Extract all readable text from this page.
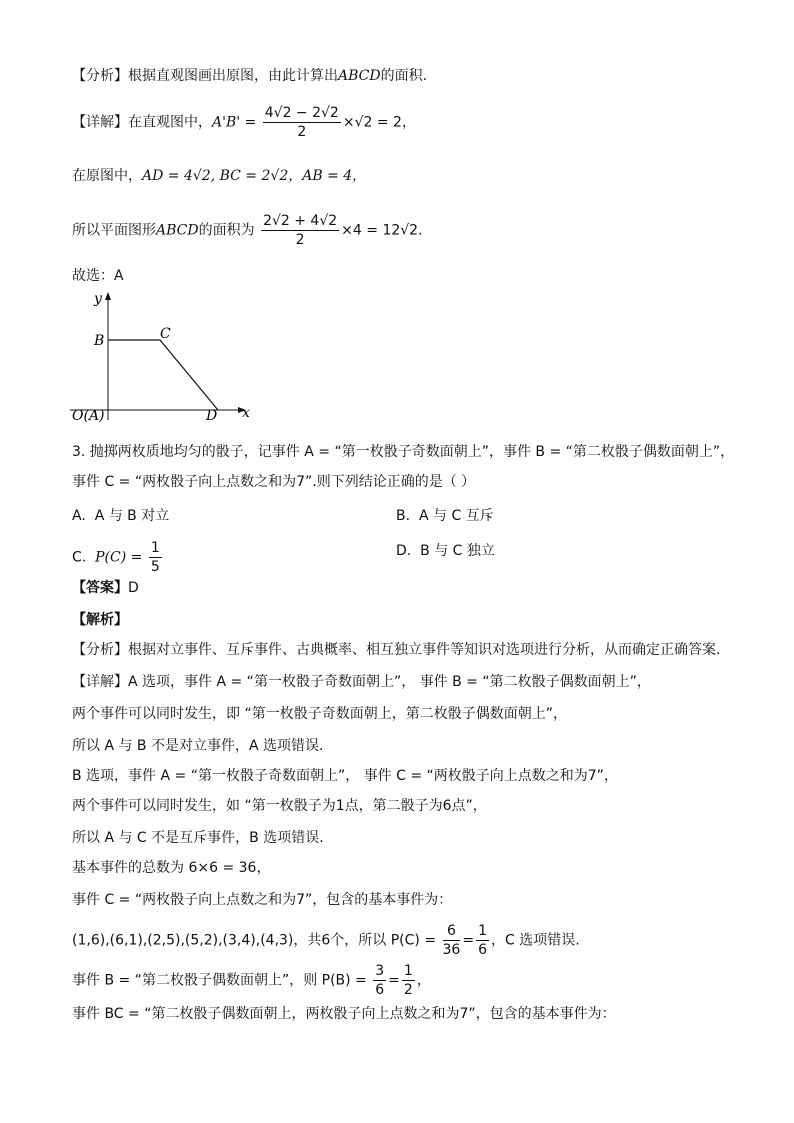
【分析】根据直观图画出原图，由此计算出ABCD的面积.
【详解】在直观图中，$A'B' = \frac{4√2 - 2√2}{2} \times√2 = 2$，
在原图中，AD = 4√2, BC = 2√2，AB = 4，
所以平面图形ABCD的面积为 $\frac{2√2 + 4√2}{2} \times 4 = 12√2$.
故选：A
y
x
B	C
O(A)	D
3. 抛掷两枚质地均匀的骰子，记事件 A = “第一枚骰子奇数面朝上”，事件 B = “第二枚骰子偶数面朝上”，
事件 C = “两枚骰子向上点数之和为7”.则下列结论正确的是（ ）
A. A 与 B 对立	B. A 与 C 互斥
C. $P(C) = \frac{1}{5}$	D. B 与 C 独立
【答案】D
【解析】
【分析】根据对立事件、互斥事件、古典概率、相互独立事件等知识对选项进行分析，从而确定正确答案.
【详解】A 选项，事件 A = “第一枚骰子奇数面朝上”， 事件 B = “第二枚骰子偶数面朝上”，
两个事件可以同时发生，即 “第一枚骰子奇数面朝上，第二枚骰子偶数面朝上”，
所以 A 与 B 不是对立事件，A 选项错误.
B 选项，事件 A = “第一枚骰子奇数面朝上”， 事件 C = “两枚骰子向上点数之和为7”，
两个事件可以同时发生，如 “第一枚骰子为1点，第二骰子为6点”，
所以 A 与 C 不是互斥事件，B 选项错误.
基本事件的总数为 6×6 = 36，
事件 C = “两枚骰子向上点数之和为7”，包含的基本事件为：
(1,6),(6,1),(2,5),(5,2),(3,4),(4,3)，共6个，所以 $P(C) = \frac{6}{36} = \frac{1}{6}$ ，C 选项错误.
事件 B = “第二枚骰子偶数面朝上”，则 $P(B) = \frac{3}{6} = \frac{1}{2}$ ，
事件 BC = “第二枚骰子偶数面朝上，两枚骰子向上点数之和为7”，包含的基本事件为：
